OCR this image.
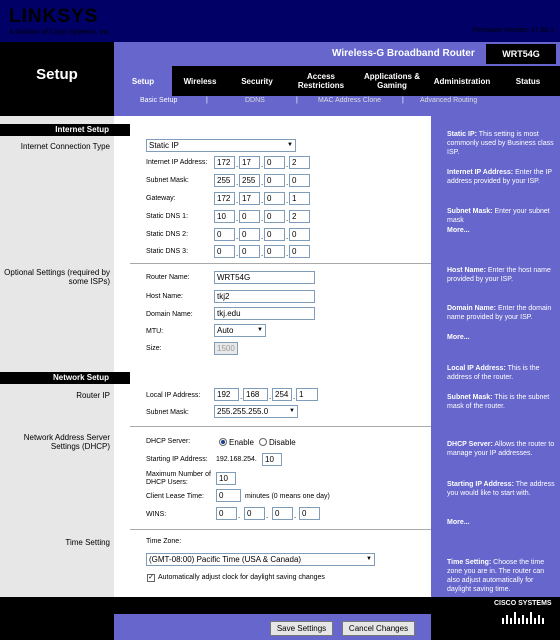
LINKSYS
A Division of Cisco Systems, Inc.	Firmware Version: v7.00.1
Setup
Wireless-G Broadband Router	WRT54G
Setup	Wireless	Security	Access Restrictions
Applications & Gaming	Administration	Status
Basic Setup	|	DDNS	|	MAC Address Clone	| Advanced Routing
Internet Setup
Internet Connection Type	Static IP	▼
Internet IP Address:	172 . 17	. 0	. 2
Subnet Mask:	255 . 255 . 0	. 0
Gateway:	172 . 17	. 0	. 1
Static DNS 1:	10	. 0	. 0	. 2
Static DNS 2:	0	. 0	. 0	. 0
Static DNS 3:	0	. 0	. 0	. 0
Optional Settings (required by some ISPs)	Router Name:	WRT54G
Host Name:	tkj2
Domain Name:	tkj.edu
MTU:	Auto	▼
Size:	1500
Network Setup
Router IP	Local IP Address:	192	. 168	. 254 . 1
Subnet Mask:	255.255.255.0	▼
Network Address Server Settings (DHCP)
DHCP Server:	Enable Disable
Starting IP Address: 192.168.254.	10
Maximum Number of
DHCP Users:	10
Client Lease Time:	0	minutes (0 means one day)
WINS:	0	. 0	. 0	. 0
Time Setting	Time Zone:
(GMT-08:00) Pacific Time (USA & Canada)	▼
✓ Automatically adjust clock for daylight saving changes
Static IP: This setting is most commonly used by Business class ISP.
Internet IP Address: Enter the IP address provided by your ISP.
Subnet Mask: Enter your subnet mask
More...
Host Name: Enter the host name provided by your ISP.
Domain Name: Enter the domain name provided by your ISP.
More...
Local IP Address: This is the address of the router.
Subnet Mask: This is the subnet mask of the router.
DHCP Server: Allows the router to manage your IP addresses.
Starting IP Address: The address you would like to start with.
More...
Time Setting: Choose the time zone you are in. The router can also adjust automatically for daylight saving time.
Save Settings	Cancel Changes
CISCO SYSTEMS
